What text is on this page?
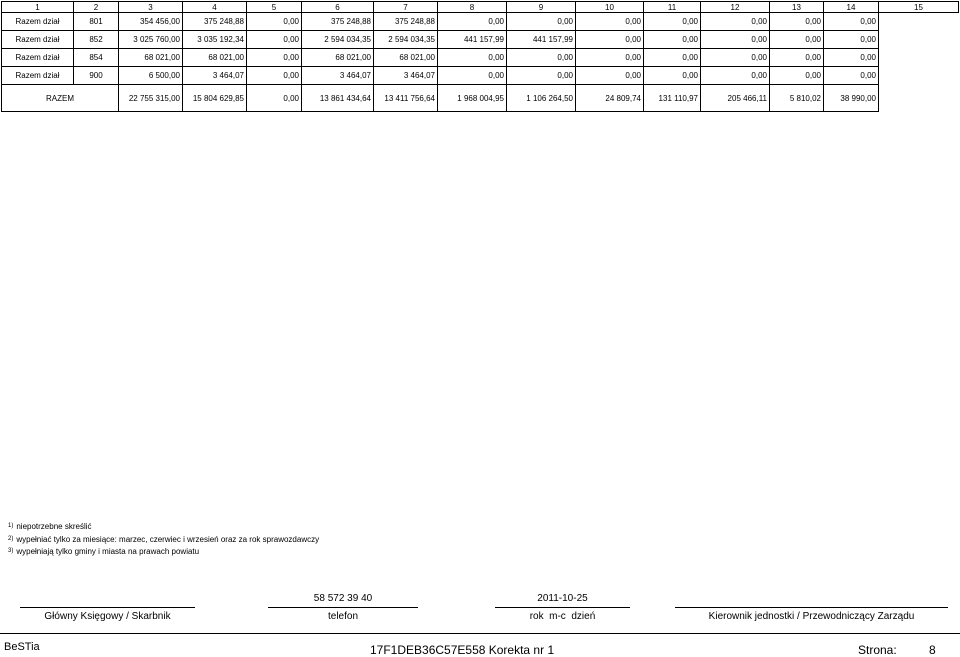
1	2	3	4	5	6	7	8	9	10	11	12	13	14	15
Razem dział	801	354 456,00	375 248,88	0,00	375 248,88	375 248,88	0,00	0,00	0,00	0,00	0,00	0,00	0,00	
Razem dział	852	3 025 760,00	3 035 192,34	0,00	2 594 034,35	2 594 034,35	441 157,99	441 157,99	0,00	0,00	0,00	0,00	0,00	
Razem dział	854	68 021,00	68 021,00	0,00	68 021,00	68 021,00	0,00	0,00	0,00	0,00	0,00	0,00	0,00	
Razem dział	900	6 500,00	3 464,07	0,00	3 464,07	3 464,07	0,00	0,00	0,00	0,00	0,00	0,00	0,00	
RAZEM		22 755 315,00	15 804 629,85	0,00	13 861 434,64	13 411 756,64	1 968 004,95	1 106 264,50	24 809,74	131 110,97	205 466,11	5 810,02	38 990,00	
$^{1)}$ niepotrzebne skreślić
$^{2)}$ wypełniać tylko za miesiące: marzec, czerwiec i wrzesień oraz za rok sprawozdawczy
$^{3)}$ wypełniają tylko gminy i miasta na prawach powiatu
Główny Księgowy / Skarbnik
58 572 39 40
telefon
2011-10-25
rok  m-c  dzień	Kierownik jednostki / Przewodniczący Zarządu
BeSTia	17F1DEB36C57E558 Korekta nr 1	Strona:	8
